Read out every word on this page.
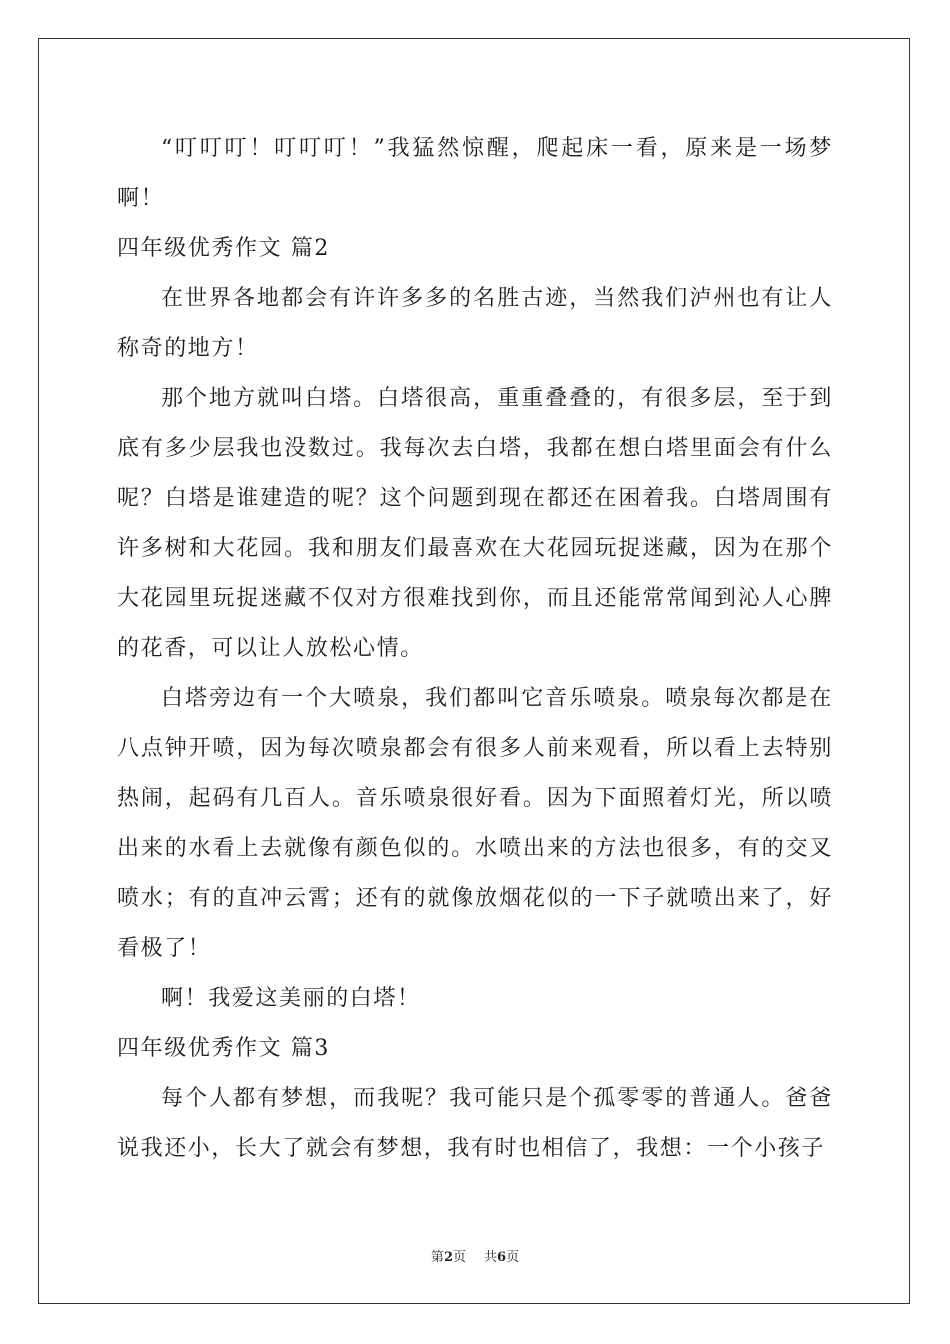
“叮叮叮！叮叮叮！”我猛然惊醒，爬起床一看，原来是一场梦啊！

四年级优秀作文 篇2

在世界各地都会有许许多多的名胜古迹，当然我们泸州也有让人称奇的地方！

那个地方就叫白塔。白塔很高，重重叠叠的，有很多层，至于到底有多少层我也没数过。我每次去白塔，我都在想白塔里面会有什么呢？白塔是谁建造的呢？这个问题到现在都还在困着我。白塔周围有许多树和大花园。我和朋友们最喜欢在大花园玩捉迷藏，因为在那个大花园里玩捉迷藏不仅对方很难找到你，而且还能常常闻到沁人心脾的花香，可以让人放松心情。

白塔旁边有一个大喷泉，我们都叫它音乐喷泉。喷泉每次都是在八点钟开喷，因为每次喷泉都会有很多人前来观看，所以看上去特别热闹，起码有几百人。音乐喷泉很好看。因为下面照着灯光，所以喷出来的水看上去就像有颜色似的。水喷出来的方法也很多，有的交叉喷水；有的直冲云霄；还有的就像放烟花似的一下子就喷出来了，好看极了！

啊！我爱这美丽的白塔！

四年级优秀作文 篇3

每个人都有梦想，而我呢？我可能只是个孤零零的普通人。爸爸说我还小，长大了就会有梦想，我有时也相信了，我想：一个小孩子

第2页 共6页
